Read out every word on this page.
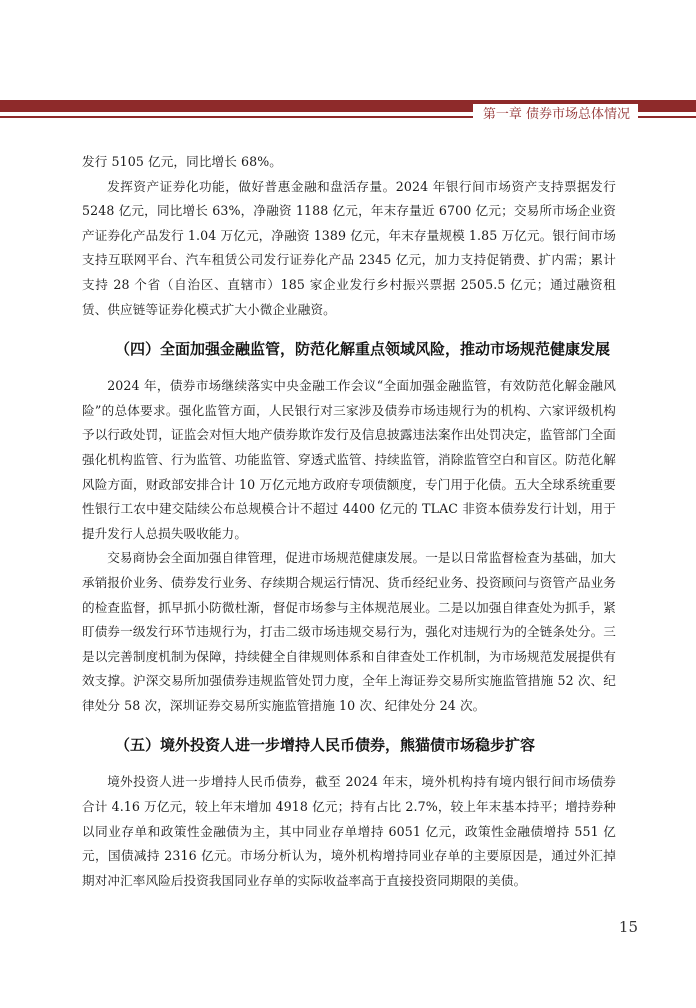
第一章 债券市场总体情况

发行 5105 亿元，同比增长 68%。

发挥资产证券化功能，做好普惠金融和盘活存量。2024 年银行间市场资产支持票据发行 5248 亿元，同比增长 63%，净融资 1188 亿元，年末存量近 6700 亿元；交易所市场企业资产证券化产品发行 1.04 万亿元，净融资 1389 亿元，年末存量规模 1.85 万亿元。银行间市场支持互联网平台、汽车租赁公司发行证券化产品 2345 亿元，加力支持促销费、扩内需；累计支持 28 个省（自治区、直辖市）185 家企业发行乡村振兴票据 2505.5 亿元；通过融资租赁、供应链等证券化模式扩大小微企业融资。

（四）全面加强金融监管，防范化解重点领域风险，推动市场规范健康发展

2024 年，债券市场继续落实中央金融工作会议“全面加强金融监管，有效防范化解金融风险”的总体要求。强化监管方面，人民银行对三家涉及债券市场违规行为的机构、六家评级机构予以行政处罚，证监会对恒大地产债券欺诈发行及信息披露违法案作出处罚决定，监管部门全面强化机构监管、行为监管、功能监管、穿透式监管、持续监管，消除监管空白和盲区。防范化解风险方面，财政部安排合计 10 万亿元地方政府专项债额度，专门用于化债。五大全球系统重要性银行工农中建交陆续公布总规模合计不超过 4400 亿元的 TLAC 非资本债券发行计划，用于提升发行人总损失吸收能力。

交易商协会全面加强自律管理，促进市场规范健康发展。一是以日常监督检查为基础，加大承销报价业务、债券发行业务、存续期合规运行情况、货币经纪业务、投资顾问与资管产品业务的检查监督，抓早抓小防微杜渐，督促市场参与主体规范展业。二是以加强自律查处为抓手，紧盯债券一级发行环节违规行为，打击二级市场违规交易行为，强化对违规行为的全链条处分。三是以完善制度机制为保障，持续健全自律规则体系和自律查处工作机制，为市场规范发展提供有效支撑。沪深交易所加强债券违规监管处罚力度，全年上海证券交易所实施监管措施 52 次、纪律处分 58 次，深圳证券交易所实施监管措施 10 次、纪律处分 24 次。

（五）境外投资人进一步增持人民币债券，熊猫债市场稳步扩容

境外投资人进一步增持人民币债券，截至 2024 年末，境外机构持有境内银行间市场债券合计 4.16 万亿元，较上年末增加 4918 亿元；持有占比 2.7%，较上年末基本持平；增持券种以同业存单和政策性金融债为主，其中同业存单增持 6051 亿元，政策性金融债增持 551 亿元，国债减持 2316 亿元。市场分析认为，境外机构增持同业存单的主要原因是，通过外汇掉期对冲汇率风险后投资我国同业存单的实际收益率高于直接投资同期限的美债。

15
